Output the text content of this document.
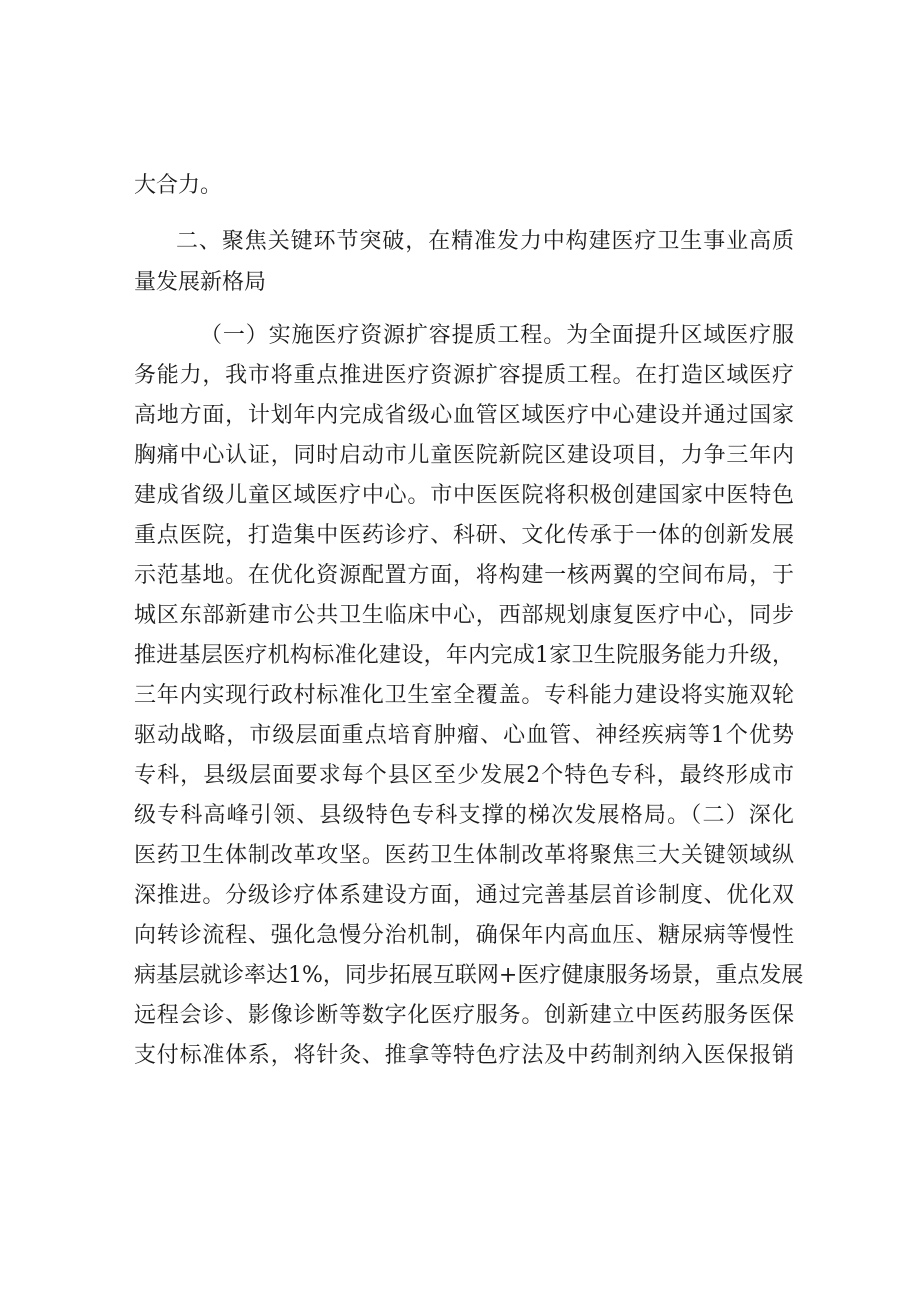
大合力。
二、聚焦关键环节突破，在精准发力中构建医疗卫生事业高质
量发展新格局
（一）实施医疗资源扩容提质工程。为全面提升区域医疗服
务能力，我市将重点推进医疗资源扩容提质工程。在打造区域医疗
高地方面，计划年内完成省级心血管区域医疗中心建设并通过国家
胸痛中心认证，同时启动市儿童医院新院区建设项目，力争三年内
建成省级儿童区域医疗中心。市中医医院将积极创建国家中医特色
重点医院，打造集中医药诊疗、科研、文化传承于一体的创新发展
示范基地。在优化资源配置方面，将构建一核两翼的空间布局，于
城区东部新建市公共卫生临床中心，西部规划康复医疗中心，同步
推进基层医疗机构标准化建设，年内完成1家卫生院服务能力升级，
三年内实现行政村标准化卫生室全覆盖。专科能力建设将实施双轮
驱动战略，市级层面重点培育肿瘤、心血管、神经疾病等1个优势
专科，县级层面要求每个县区至少发展2个特色专科，最终形成市
级专科高峰引领、县级特色专科支撑的梯次发展格局。（二）深化
医药卫生体制改革攻坚。医药卫生体制改革将聚焦三大关键领域纵
深推进。分级诊疗体系建设方面，通过完善基层首诊制度、优化双
向转诊流程、强化急慢分治机制，确保年内高血压、糖尿病等慢性
病基层就诊率达1%，同步拓展互联网+医疗健康服务场景，重点发展
远程会诊、影像诊断等数字化医疗服务。创新建立中医药服务医保
支付标准体系，将针灸、推拿等特色疗法及中药制剂纳入医保报销
